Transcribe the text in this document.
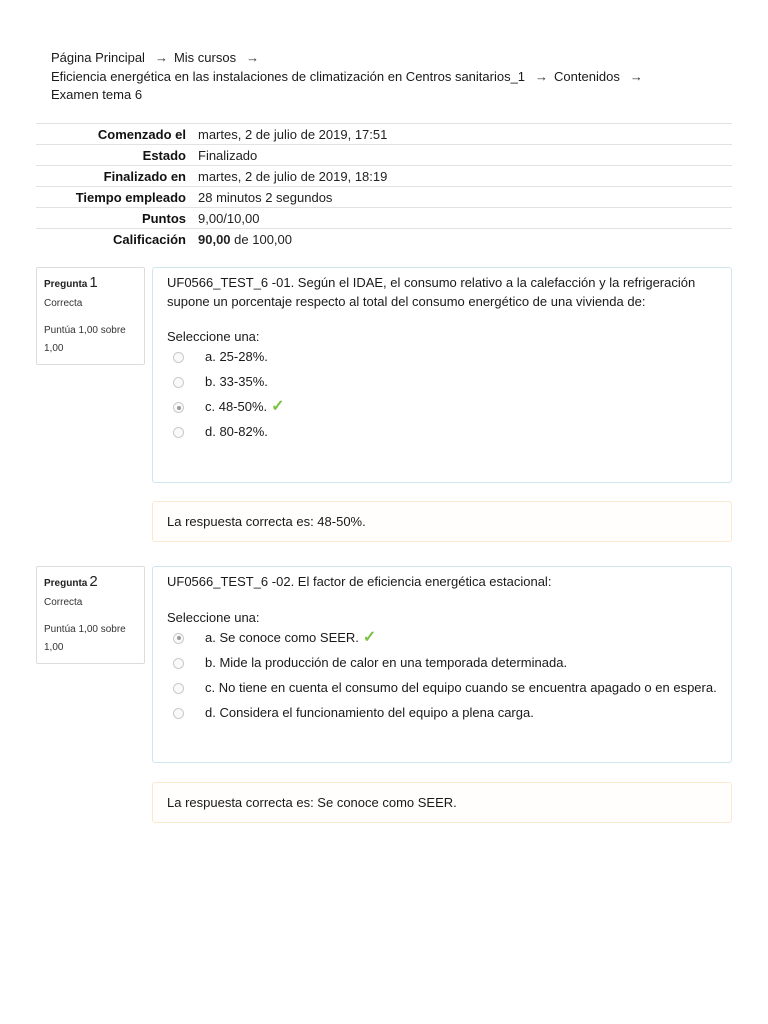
Página Principal → Mis cursos →
Eficiencia energética en las instalaciones de climatización en Centros sanitarios_1 → Contenidos →
Examen tema 6
Comenzado el	martes, 2 de julio de 2019, 17:51
Estado	Finalizado
Finalizado en	martes, 2 de julio de 2019, 18:19
Tiempo empleado	28 minutos 2 segundos
Puntos	9,00/10,00
Calificación	90,00 de 100,00
Pregunta 1
Correcta
Puntúa 1,00 sobre 1,00
UF0566_TEST_6 -01. Según el IDAE, el consumo relativo a la calefacción y la refrigeración supone un porcentaje respecto al total del consumo energético de una vivienda de:
Seleccione una:
a. 25-28%.
b. 33-35%.
c. 48-50%. ✓
d. 80-82%.
La respuesta correcta es: 48-50%.
Pregunta 2
Correcta
Puntúa 1,00 sobre 1,00
UF0566_TEST_6 -02. El factor de eficiencia energética estacional:
Seleccione una:
a. Se conoce como SEER. ✓
b. Mide la producción de calor en una temporada determinada.
c. No tiene en cuenta el consumo del equipo cuando se encuentra apagado o en espera.
d. Considera el funcionamiento del equipo a plena carga.
La respuesta correcta es: Se conoce como SEER.
